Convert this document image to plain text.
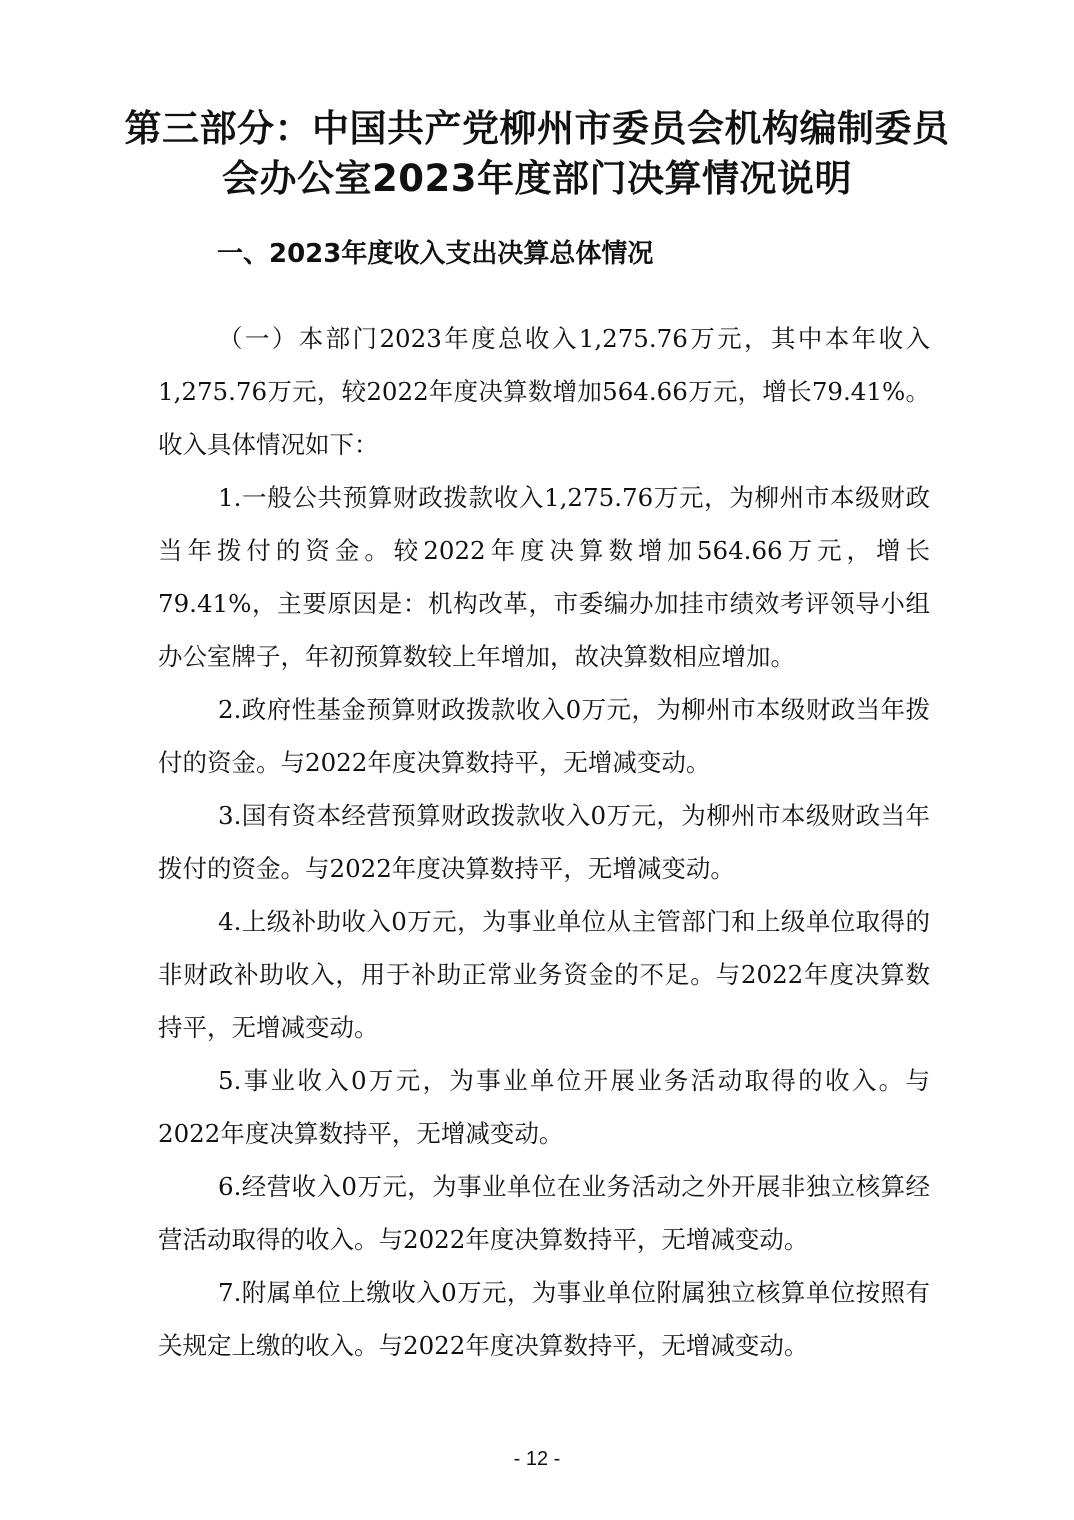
第三部分：中国共产党柳州市委员会机构编制委员会办公室2023年度部门决算情况说明
一、2023年度收入支出决算总体情况

（一）本部门2023年度总收入1,275.76万元，其中本年收入1,275.76万元，较2022年度决算数增加564.66万元，增长79.41%。收入具体情况如下：

1.一般公共预算财政拨款收入1,275.76万元，为柳州市本级财政当年拨付的资金。较2022年度决算数增加564.66万元，增长79.41%，主要原因是：机构改革，市委编办加挂市绩效考评领导小组办公室牌子，年初预算数较上年增加，故决算数相应增加。

2.政府性基金预算财政拨款收入0万元，为柳州市本级财政当年拨付的资金。与2022年度决算数持平，无增减变动。

3.国有资本经营预算财政拨款收入0万元，为柳州市本级财政当年拨付的资金。与2022年度决算数持平，无增减变动。

4.上级补助收入0万元，为事业单位从主管部门和上级单位取得的非财政补助收入，用于补助正常业务资金的不足。与2022年度决算数持平，无增减变动。

5.事业收入0万元，为事业单位开展业务活动取得的收入。与2022年度决算数持平，无增减变动。

6.经营收入0万元，为事业单位在业务活动之外开展非独立核算经营活动取得的收入。与2022年度决算数持平，无增减变动。

7.附属单位上缴收入0万元，为事业单位附属独立核算单位按照有关规定上缴的收入。与2022年度决算数持平，无增减变动。

- 12 -
